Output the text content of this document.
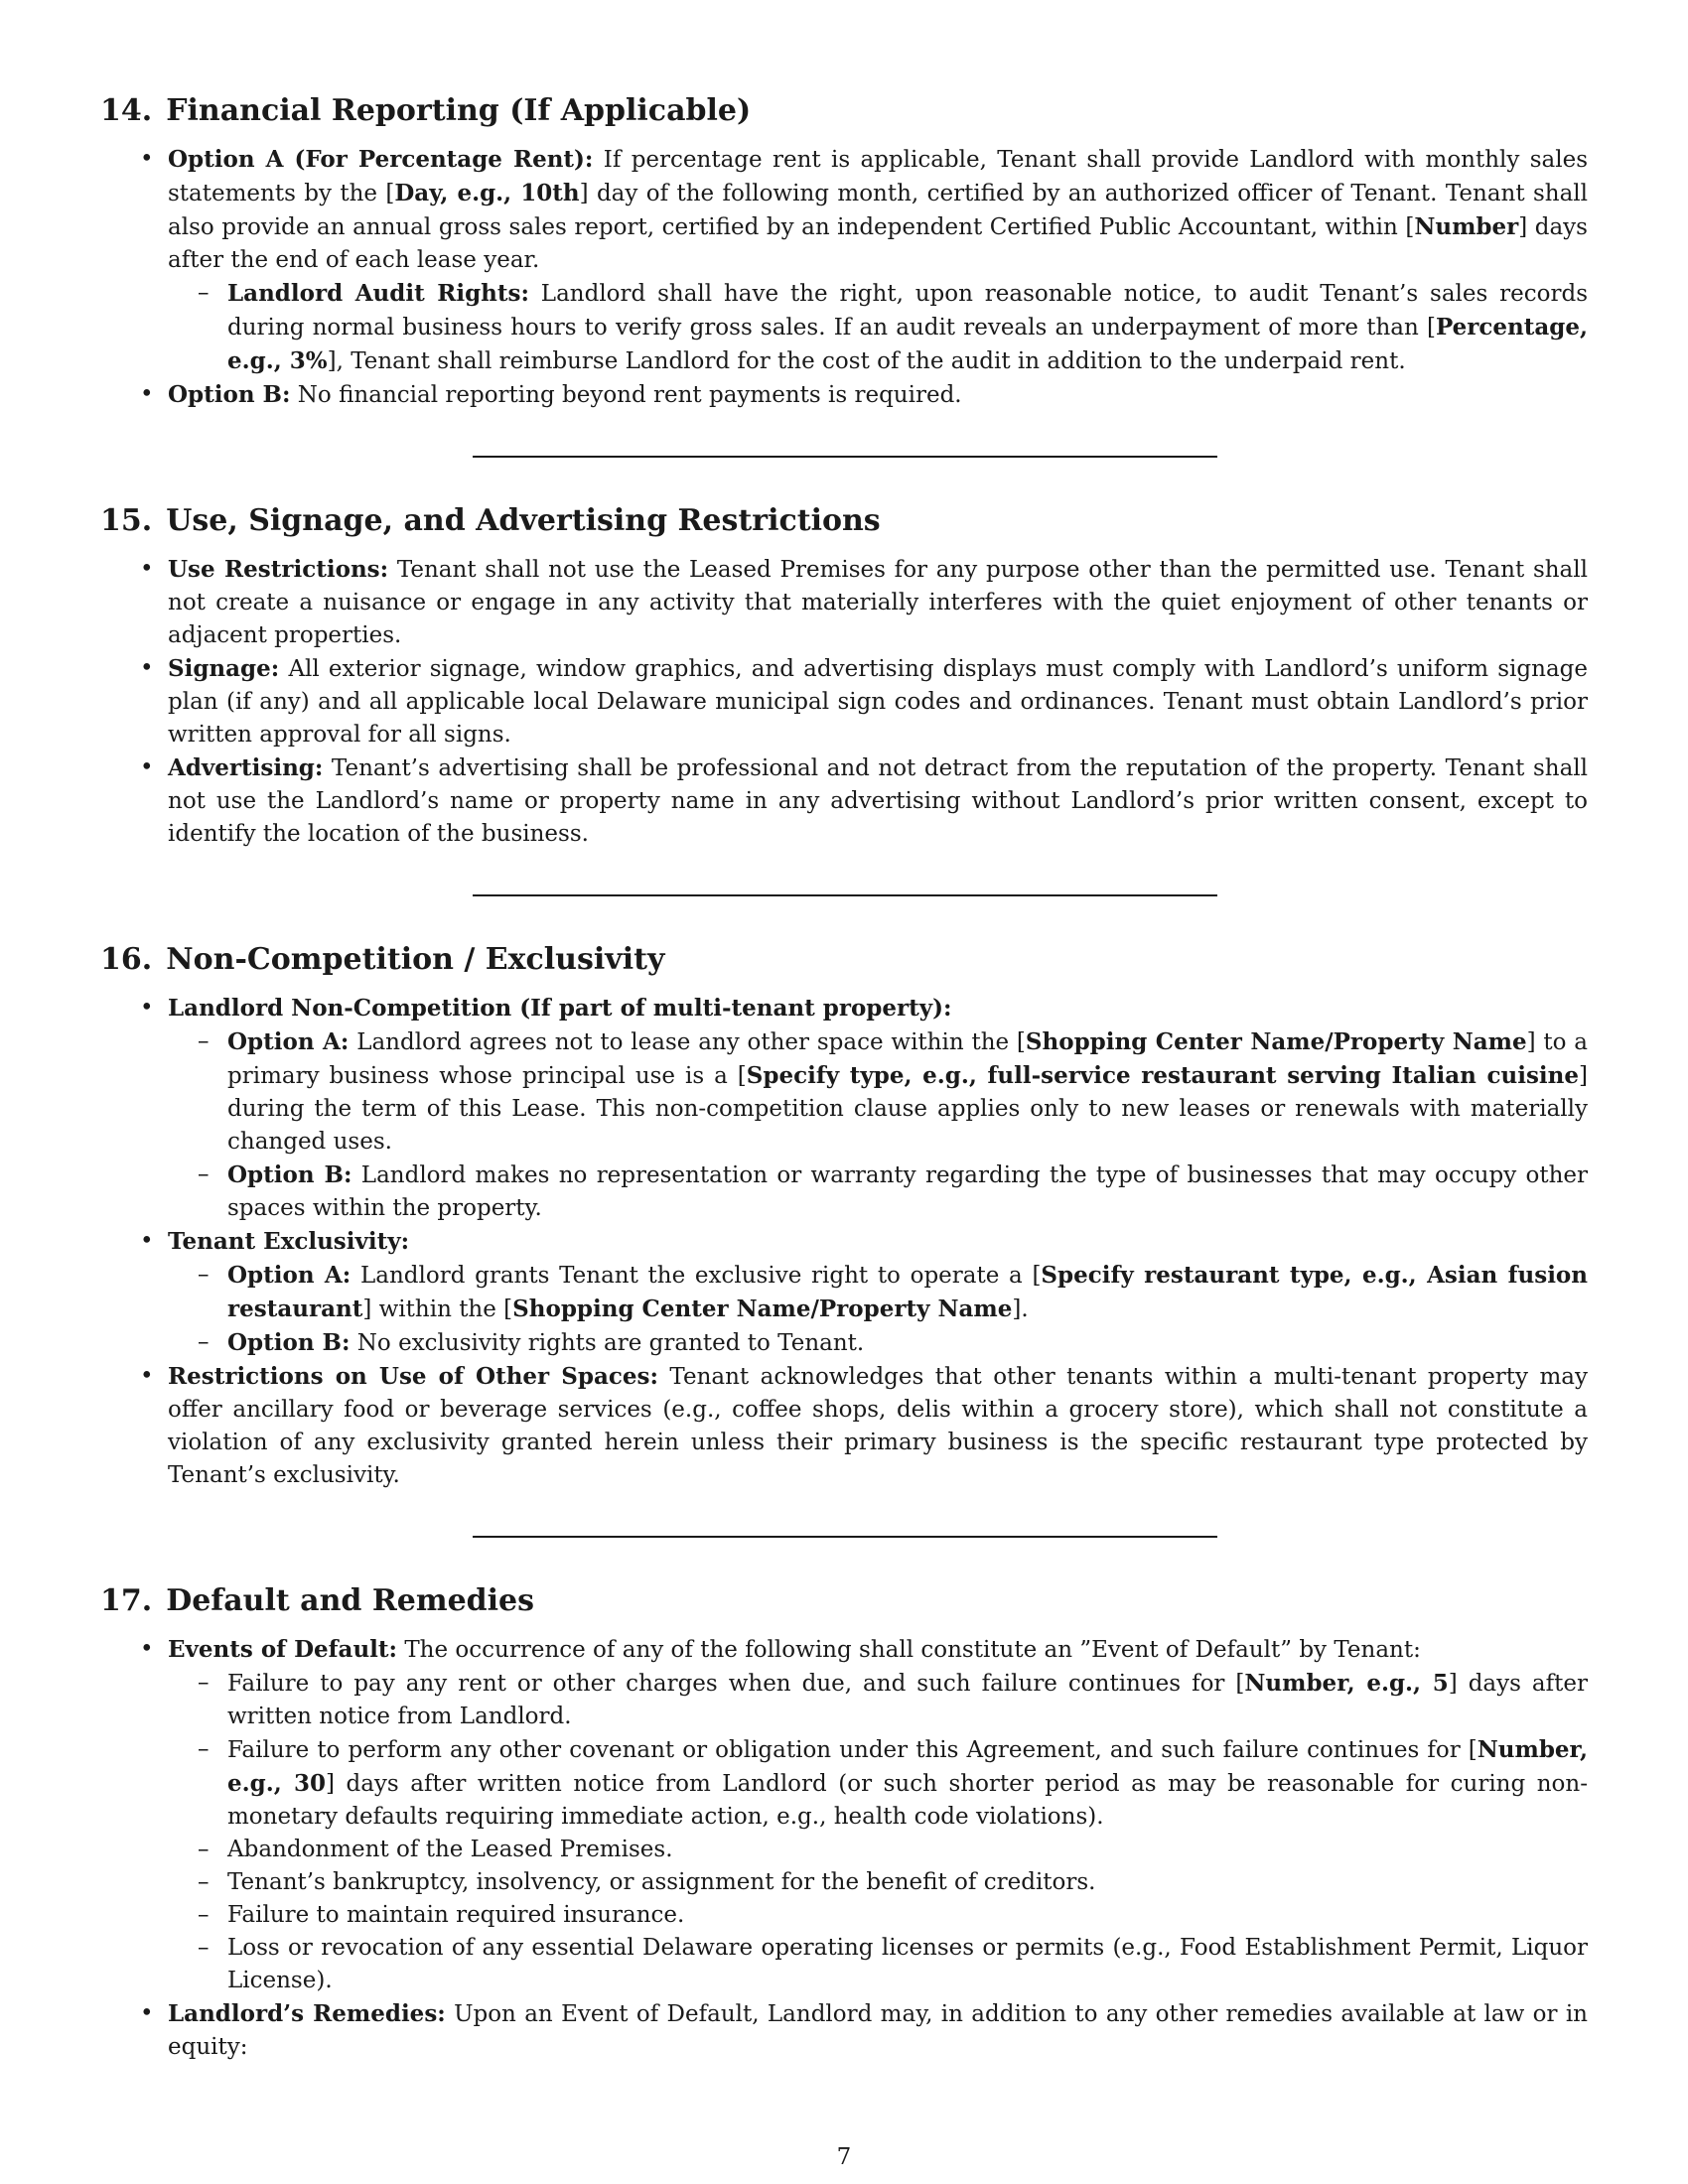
14. Financial Reporting (If Applicable)
• Option A (For Percentage Rent): If percentage rent is applicable, Tenant shall provide Landlord with monthly sales statements by the [Day, e.g., 10th] day of the following month, certified by an authorized officer of Tenant. Tenant shall also provide an annual gross sales report, certified by an independent Certified Public Accountant, within [Number] days after the end of each lease year.
– Landlord Audit Rights: Landlord shall have the right, upon reasonable notice, to audit Tenant’s sales records during normal business hours to verify gross sales. If an audit reveals an underpayment of more than [Percentage, e.g., 3%], Tenant shall reimburse Landlord for the cost of the audit in addition to the underpaid rent.
• Option B: No financial reporting beyond rent payments is required.
15. Use, Signage, and Advertising Restrictions
• Use Restrictions: Tenant shall not use the Leased Premises for any purpose other than the permitted use. Tenant shall not create a nuisance or engage in any activity that materially interferes with the quiet enjoyment of other tenants or adjacent properties.
• Signage: All exterior signage, window graphics, and advertising displays must comply with Landlord’s uniform signage plan (if any) and all applicable local Delaware municipal sign codes and ordinances. Tenant must obtain Landlord’s prior written approval for all signs.
• Advertising: Tenant’s advertising shall be professional and not detract from the reputation of the property. Tenant shall not use the Landlord’s name or property name in any advertising without Landlord’s prior written consent, except to identify the location of the business.
16. Non-Competition / Exclusivity
• Landlord Non-Competition (If part of multi-tenant property):
– Option A: Landlord agrees not to lease any other space within the [Shopping Center Name/Property Name] to a primary business whose principal use is a [Specify type, e.g., full-service restaurant serving Italian cuisine] during the term of this Lease. This non-competition clause applies only to new leases or renewals with materially changed uses.
– Option B: Landlord makes no representation or warranty regarding the type of businesses that may occupy other spaces within the property.
• Tenant Exclusivity:
– Option A: Landlord grants Tenant the exclusive right to operate a [Specify restaurant type, e.g., Asian fusion restaurant] within the [Shopping Center Name/Property Name].
– Option B: No exclusivity rights are granted to Tenant.
• Restrictions on Use of Other Spaces: Tenant acknowledges that other tenants within a multi-tenant property may offer ancillary food or beverage services (e.g., coffee shops, delis within a grocery store), which shall not constitute a violation of any exclusivity granted herein unless their primary business is the specific restaurant type protected by Tenant’s exclusivity.
17. Default and Remedies
• Events of Default: The occurrence of any of the following shall constitute an ”Event of Default” by Tenant:
– Failure to pay any rent or other charges when due, and such failure continues for [Number, e.g., 5] days after written notice from Landlord.
– Failure to perform any other covenant or obligation under this Agreement, and such failure continues for [Number, e.g., 30] days after written notice from Landlord (or such shorter period as may be reasonable for curing non-monetary defaults requiring immediate action, e.g., health code violations).
– Abandonment of the Leased Premises.
– Tenant’s bankruptcy, insolvency, or assignment for the benefit of creditors.
– Failure to maintain required insurance.
– Loss or revocation of any essential Delaware operating licenses or permits (e.g., Food Establishment Permit, Liquor License).
• Landlord’s Remedies: Upon an Event of Default, Landlord may, in addition to any other remedies available at law or in equity:
7
